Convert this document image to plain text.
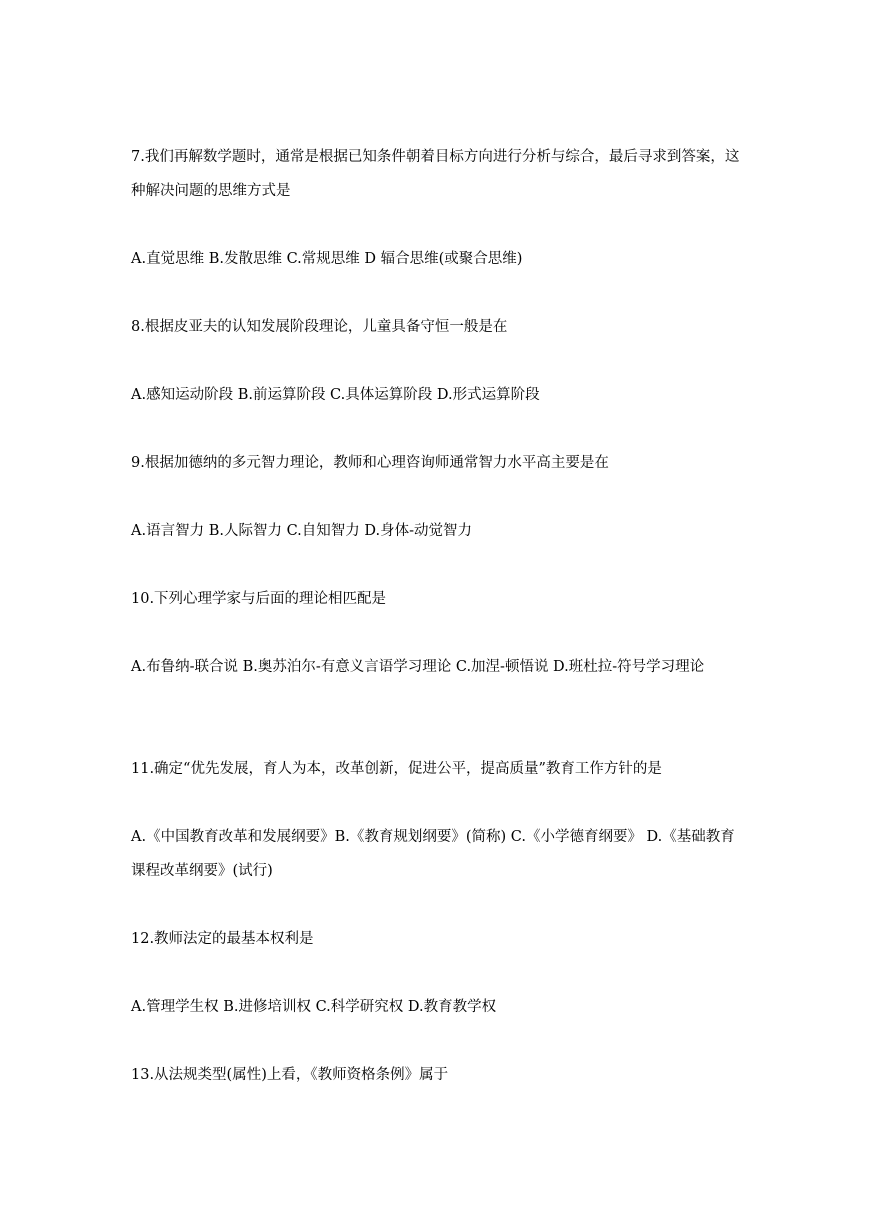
7.我们再解数学题时，通常是根据已知条件朝着目标方向进行分析与综合，最后寻求到答案，这种解决问题的思维方式是
A.直觉思维 B.发散思维 C.常规思维 D 辐合思维(或聚合思维)
8.根据皮亚夫的认知发展阶段理论，儿童具备守恒一般是在
A.感知运动阶段 B.前运算阶段 C.具体运算阶段 D.形式运算阶段
9.根据加德纳的多元智力理论，教师和心理咨询师通常智力水平高主要是在
A.语言智力 B.人际智力 C.自知智力 D.身体-动觉智力
10.下列心理学家与后面的理论相匹配是
A.布鲁纳-联合说 B.奥苏泊尔-有意义言语学习理论 C.加涅-顿悟说 D.班杜拉-符号学习理论
11.确定“优先发展，育人为本，改革创新，促进公平，提高质量”教育工作方针的是
A.《中国教育改革和发展纲要》B.《教育规划纲要》(简称) C.《小学德育纲要》 D.《基础教育课程改革纲要》(试行)
12.教师法定的最基本权利是
A.管理学生权 B.进修培训权 C.科学研究权 D.教育教学权
13.从法规类型(属性)上看，《教师资格条例》属于
